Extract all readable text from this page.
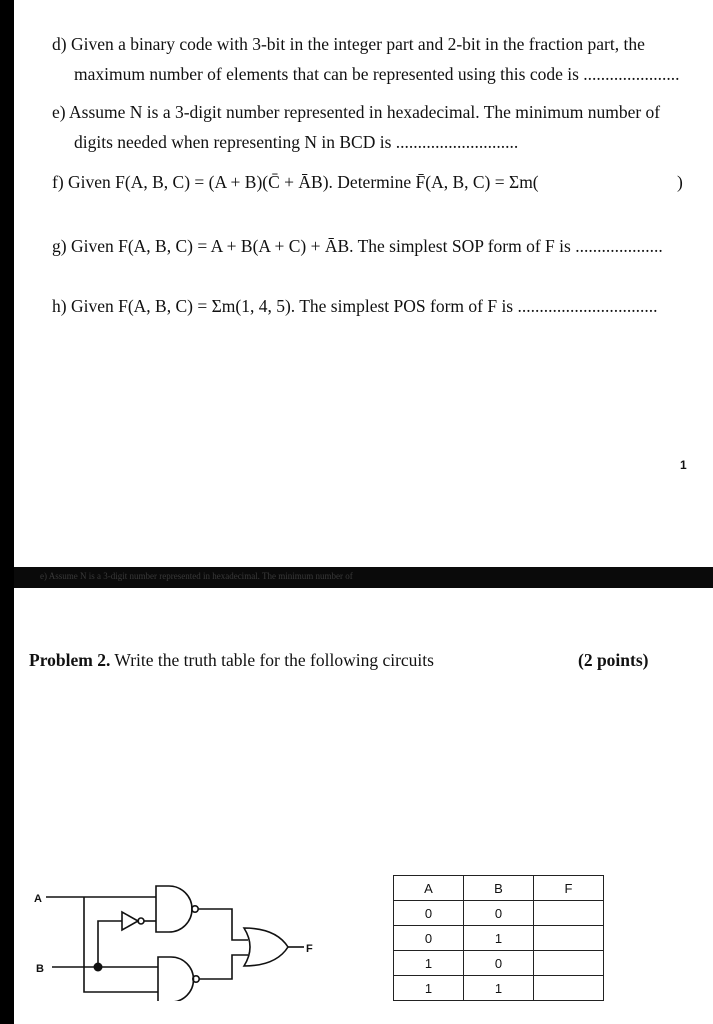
d) Given a binary code with 3-bit in the integer part and 2-bit in the fraction part, the
maximum number of elements that can be represented using this code is ......................
e) Assume N is a 3-digit number represented in hexadecimal. The minimum number of
digits needed when representing N in BCD is ............................
f) Given F(A, B, C) = (A + B)(C̄ + ĀB). Determine F̄(A, B, C) = Σm(	)
g) Given F(A, B, C) = A + B(A + C) + ĀB. The simplest SOP form of F is ....................
h) Given F(A, B, C) = Σm(1, 4, 5). The simplest POS form of F is ................................
1
e) Assume N is a 3-digit number represented in hexadecimal. The minimum number of
Problem 2. Write the truth table for the following circuits	(2 points)
A
B
F
A	B	F
0	0	
0	1	
1	0	
1	1	
